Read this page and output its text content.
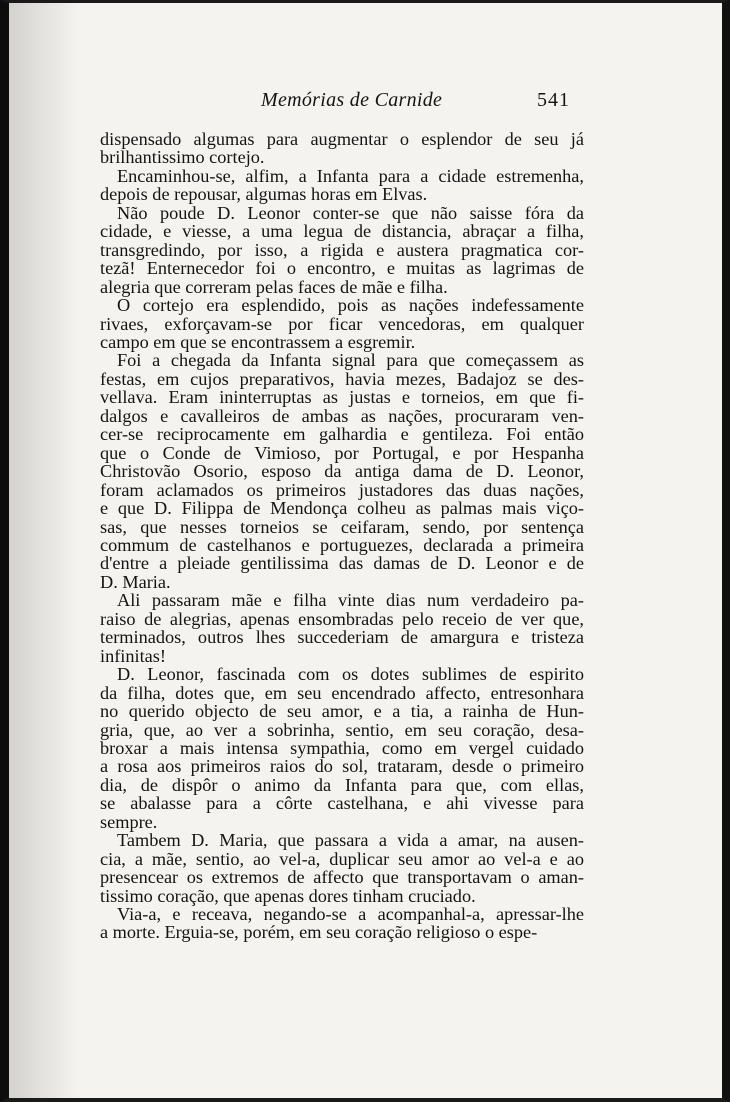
Memórias de Carnide	541

dispensado algumas para augmentar o esplendor de seu já
brilhantissimo cortejo.

Encaminhou-se, alfim, a Infanta para a cidade estremenha,
depois de repousar, algumas horas em Elvas.

Não poude D. Leonor conter-se que não saisse fóra da
cidade, e viesse, a uma legua de distancia, abraçar a filha,
transgredindo, por isso, a rigida e austera pragmatica cor-
tezã! Enternecedor foi o encontro, e muitas as lagrimas de
alegria que correram pelas faces de mãe e filha.

O cortejo era esplendido, pois as nações indefessamente
rivaes, exforçavam-se por ficar vencedoras, em qualquer
campo em que se encontrassem a esgremir.

Foi a chegada da Infanta signal para que começassem as
festas, em cujos preparativos, havia mezes, Badajoz se des-
vellava. Eram ininterruptas as justas e torneios, em que fi-
dalgos e cavalleiros de ambas as nações, procuraram ven-
cer-se reciprocamente em galhardia e gentileza. Foi então
que o Conde de Vimioso, por Portugal, e por Hespanha
Christovão Osorio, esposo da antiga dama de D. Leonor,
foram aclamados os primeiros justadores das duas nações,
e que D. Filippa de Mendonça colheu as palmas mais viço-
sas, que nesses torneios se ceifaram, sendo, por sentença
commum de castelhanos e portuguezes, declarada a primeira
d'entre a pleiade gentilissima das damas de D. Leonor e de
D. Maria.

Ali passaram mãe e filha vinte dias num verdadeiro pa-
raiso de alegrias, apenas ensombradas pelo receio de ver que,
terminados, outros lhes succederiam de amargura e tristeza
infinitas!

D. Leonor, fascinada com os dotes sublimes de espirito
da filha, dotes que, em seu encendrado affecto, entresonhara
no querido objecto de seu amor, e a tia, a rainha de Hun-
gria, que, ao ver a sobrinha, sentio, em seu coração, desa-
broxar a mais intensa sympathia, como em vergel cuidado
a rosa aos primeiros raios do sol, trataram, desde o primeiro
dia, de dispôr o animo da Infanta para que, com ellas,
se abalasse para a côrte castelhana, e ahi vivesse para
sempre.

Tambem D. Maria, que passara a vida a amar, na ausen-
cia, a mãe, sentio, ao vel-a, duplicar seu amor ao vel-a e ao
presencear os extremos de affecto que transportavam o aman-
tissimo coração, que apenas dores tinham cruciado.

Via-a, e receava, negando-se a acompanhal-a, apressar-lhe
a morte. Erguia-se, porém, em seu coração religioso o espe-
